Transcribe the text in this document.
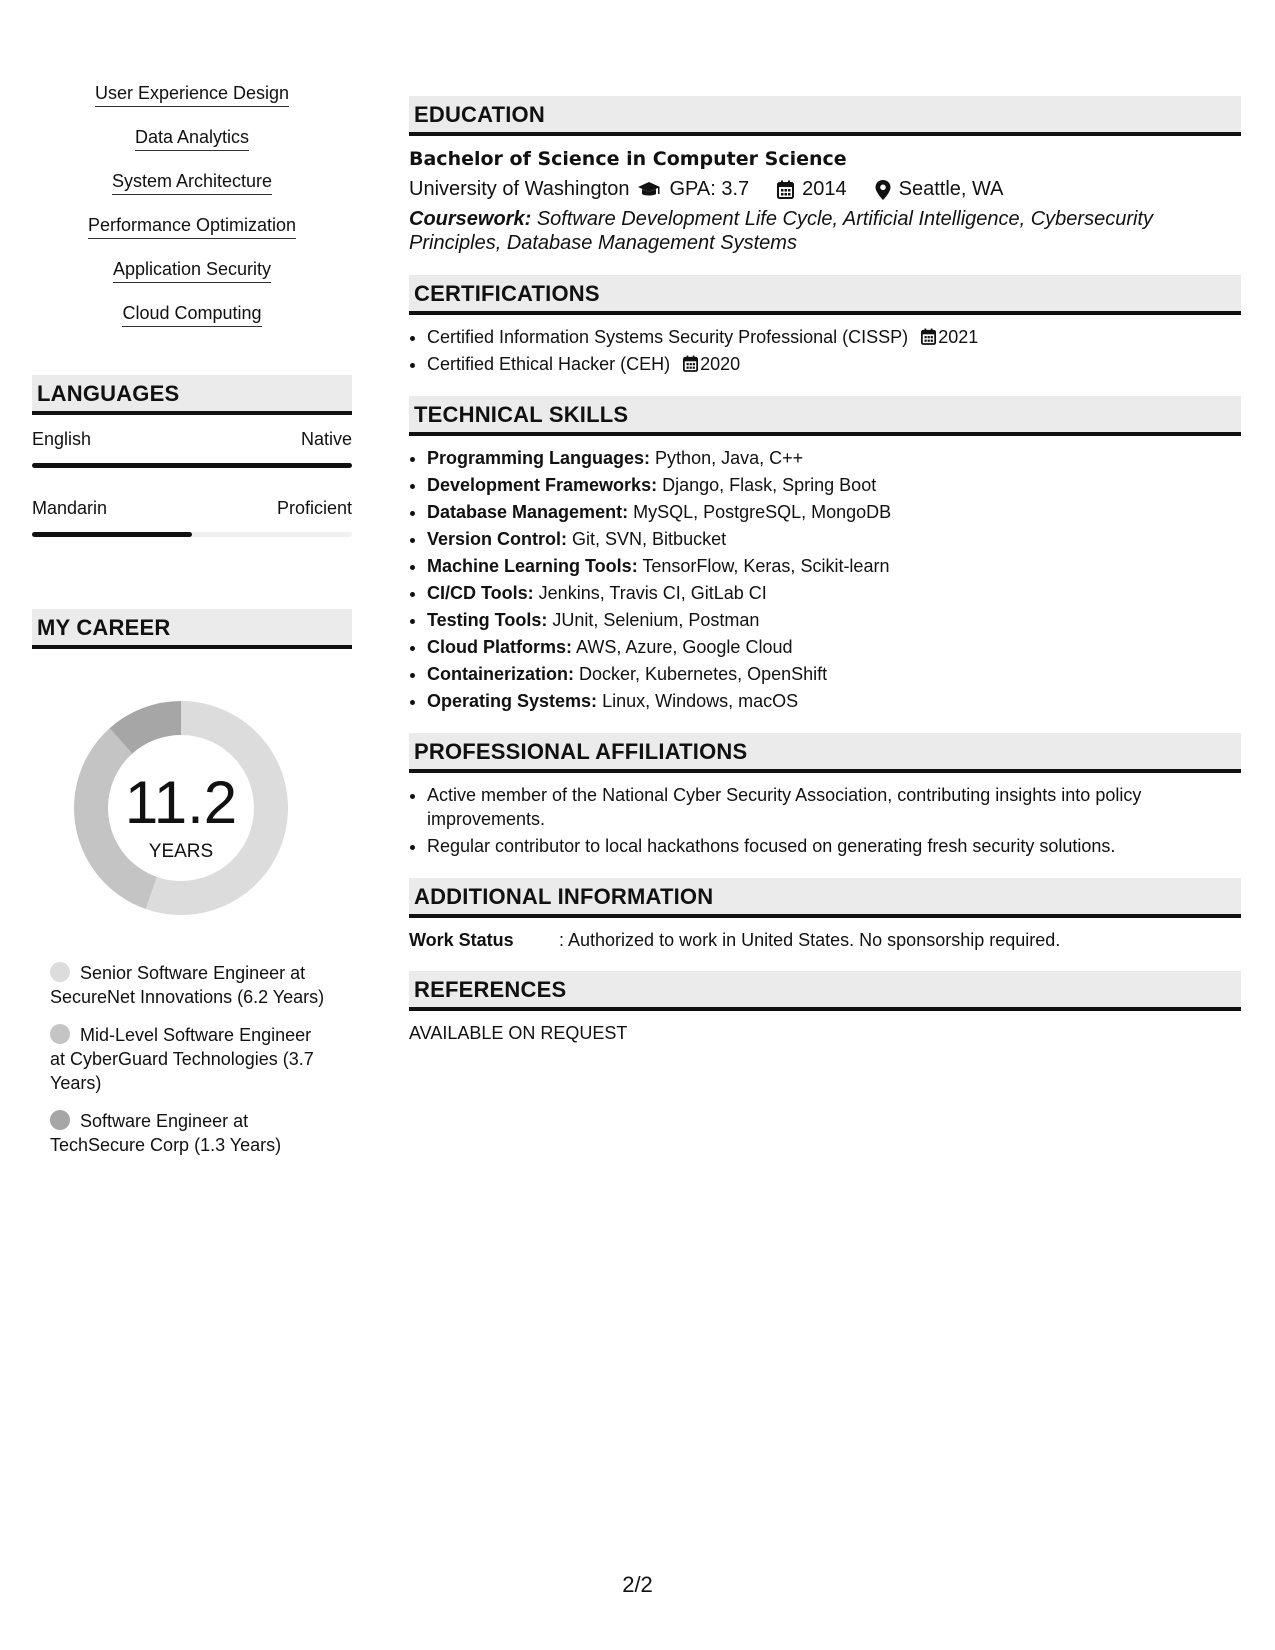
User Experience Design
Data Analytics
System Architecture
Performance Optimization
Application Security
Cloud Computing
LANGUAGES
English	Native
Mandarin	Proficient
MY CAREER
11.2
YEARS
Senior Software Engineer at SecureNet Innovations (6.2 Years)
Mid-Level Software Engineer at CyberGuard Technologies (3.7 Years)
Software Engineer at TechSecure Corp (1.3 Years)
EDUCATION
Bachelor of Science in Computer Science
University of Washington GPA: 3.7	2014	Seattle, WA
Coursework: Software Development Life Cycle, Artificial Intelligence, Cybersecurity Principles, Database Management Systems
CERTIFICATIONS
• Certified Information Systems Security Professional (CISSP) 2021
• Certified Ethical Hacker (CEH) 2020
TECHNICAL SKILLS
• Programming Languages: Python, Java, C++
• Development Frameworks: Django, Flask, Spring Boot
• Database Management: MySQL, PostgreSQL, MongoDB
• Version Control: Git, SVN, Bitbucket
• Machine Learning Tools: TensorFlow, Keras, Scikit-learn
• CI/CD Tools: Jenkins, Travis CI, GitLab CI
• Testing Tools: JUnit, Selenium, Postman
• Cloud Platforms: AWS, Azure, Google Cloud
• Containerization: Docker, Kubernetes, OpenShift
• Operating Systems: Linux, Windows, macOS
PROFESSIONAL AFFILIATIONS
• Active member of the National Cyber Security Association, contributing insights into policy improvements.
• Regular contributor to local hackathons focused on generating fresh security solutions.
ADDITIONAL INFORMATION
Work Status	: Authorized to work in United States. No sponsorship required.
REFERENCES
AVAILABLE ON REQUEST
2/2
